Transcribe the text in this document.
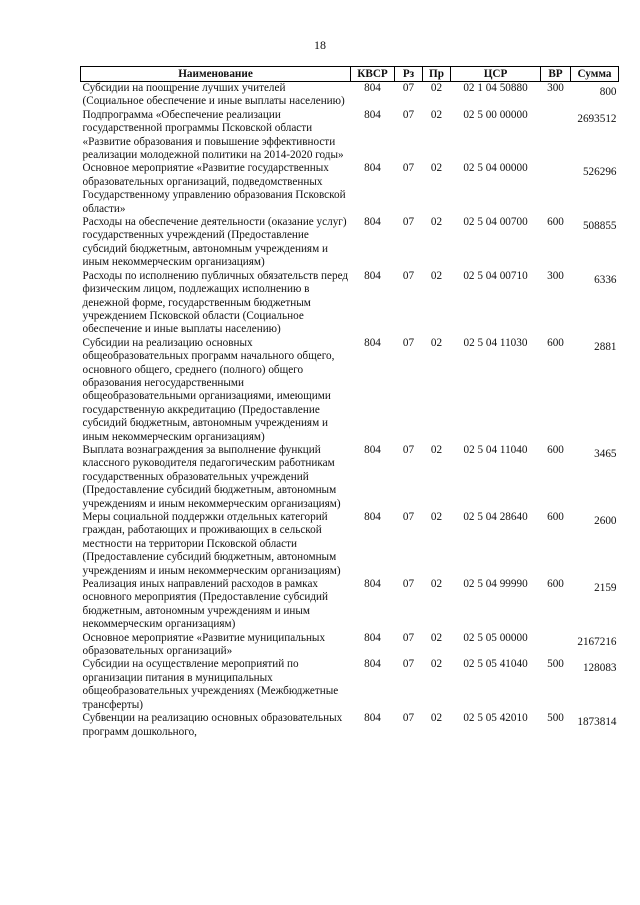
18
Наименование	КВСР	Рз	Пр	ЦСР	ВР	Сумма
Субсидии на поощрение лучших учителей (Социальное обеспечение и иные выплаты населению)	804	07	02	02 1 04 50880	300	800
Подпрограмма «Обеспечение реализации государственной программы Псковской области «Развитие образования и повышение эффективности реализации молодежной политики на 2014-2020 годы»	804	07	02	02 5 00 00000		2693512
Основное мероприятие «Развитие государственных образовательных организаций, подведомственных Государственному управлению образования Псковской области»	804	07	02	02 5 04 00000		526296
Расходы на обеспечение деятельности (оказание услуг) государственных учреждений (Предоставление субсидий бюджетным, автономным учреждениям и иным некоммерческим организациям)	804	07	02	02 5 04 00700	600	508855
Расходы по исполнению публичных обязательств перед физическим лицом, подлежащих исполнению в денежной форме, государственным бюджетным учреждением Псковской области (Социальное обеспечение и иные выплаты населению)	804	07	02	02 5 04 00710	300	6336
Субсидии на реализацию основных общеобразовательных программ начального общего, основного общего, среднего (полного) общего образования негосударственными общеобразовательными организациями, имеющими государственную аккредитацию (Предоставление субсидий бюджетным, автономным учреждениям и иным некоммерческим организациям)	804	07	02	02 5 04 11030	600	2881
Выплата вознаграждения за выполнение функций классного руководителя педагогическим работникам государственных образовательных учреждений (Предоставление субсидий бюджетным, автономным учреждениям и иным некоммерческим организациям)	804	07	02	02 5 04 11040	600	3465
Меры социальной поддержки отдельных категорий граждан, работающих и проживающих в сельской местности на территории Псковской области (Предоставление субсидий бюджетным, автономным учреждениям и иным некоммерческим организациям)	804	07	02	02 5 04 28640	600	2600
Реализация иных направлений расходов в рамках основного мероприятия (Предоставление субсидий бюджетным, автономным учреждениям и иным некоммерческим организациям)	804	07	02	02 5 04 99990	600	2159
Основное мероприятие «Развитие муниципальных образовательных организаций»	804	07	02	02 5 05 00000		2167216
Субсидии на осуществление мероприятий по организации питания в муниципальных общеобразовательных учреждениях (Межбюджетные трансферты)	804	07	02	02 5 05 41040	500	128083
Субвенции на реализацию основных образовательных программ дошкольного,	804	07	02	02 5 05 42010	500	1873814
